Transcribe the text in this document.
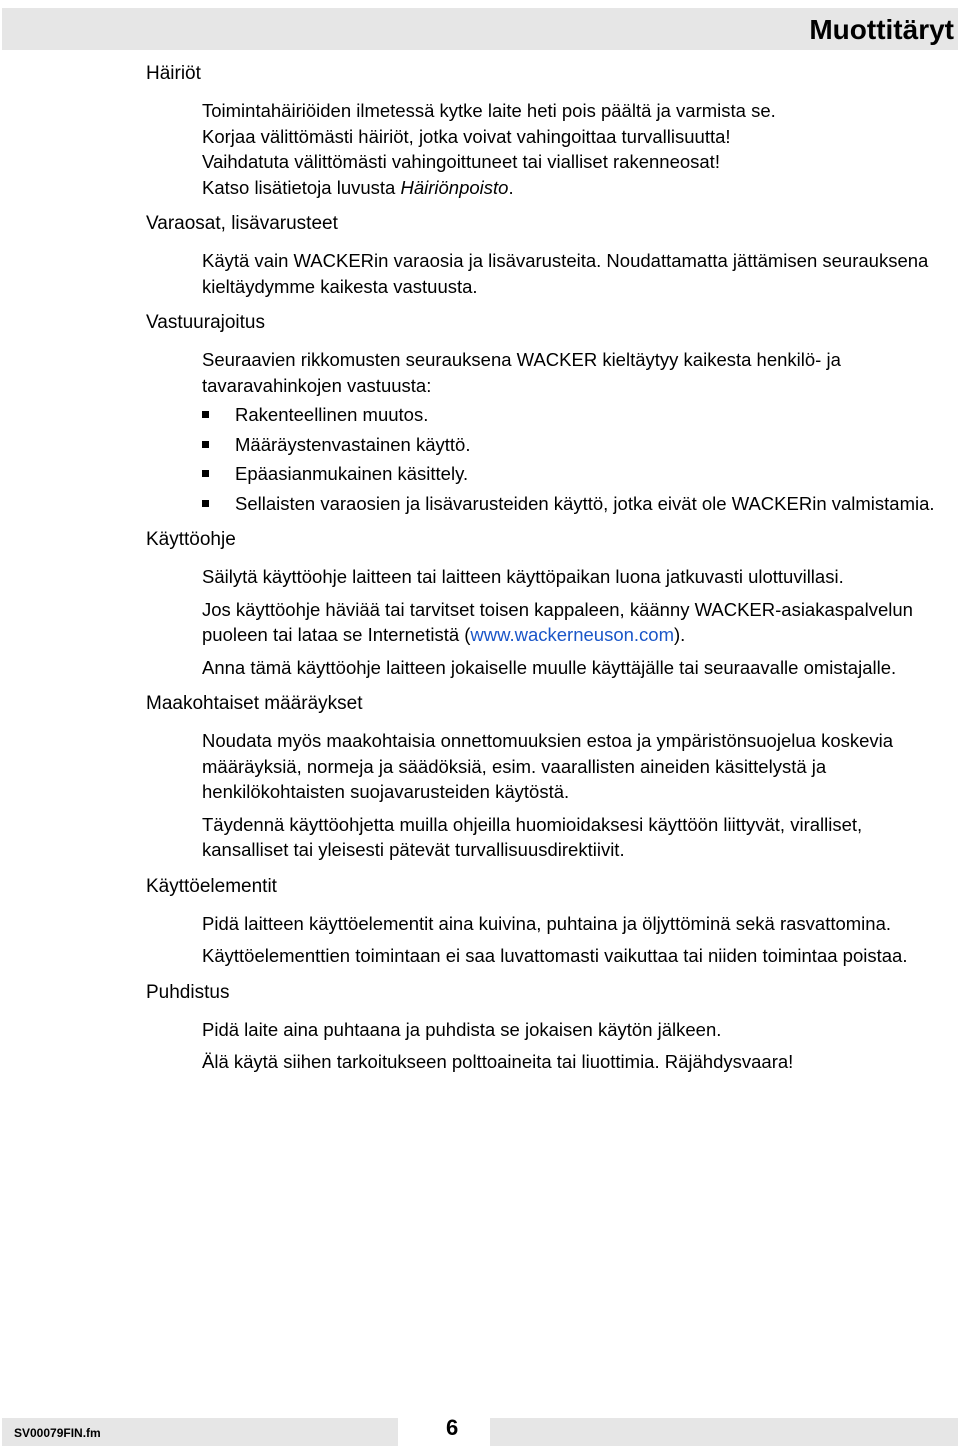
Muottitäryt
Häiriöt
Toimintahäiriöiden ilmetessä kytke laite heti pois päältä ja varmista se.
Korjaa välittömästi häiriöt, jotka voivat vahingoittaa turvallisuutta!
Vaihdatuta välittömästi vahingoittuneet tai vialliset rakenneosat!
Katso lisätietoja luvusta Häiriönpoisto.
Varaosat, lisävarusteet
Käytä vain WACKERin varaosia ja lisävarusteita. Noudattamatta jättämisen seurauksena kieltäydymme kaikesta vastuusta.
Vastuurajoitus
Seuraavien rikkomusten seurauksena WACKER kieltäytyy kaikesta henkilö- ja tavaravahinkojen vastuusta:
Rakenteellinen muutos.
Määräystenvastainen käyttö.
Epäasianmukainen käsittely.
Sellaisten varaosien ja lisävarusteiden käyttö, jotka eivät ole WACKERin valmistamia.
Käyttöohje
Säilytä käyttöohje laitteen tai laitteen käyttöpaikan luona jatkuvasti ulottuvillasi.
Jos käyttöohje häviää tai tarvitset toisen kappaleen, käänny WACKER-asiakaspalvelun puoleen tai lataa se Internetistä (www.wackerneuson.com).
Anna tämä käyttöohje laitteen jokaiselle muulle käyttäjälle tai seuraavalle omistajalle.
Maakohtaiset määräykset
Noudata myös maakohtaisia onnettomuuksien estoa ja ympäristönsuojelua koskevia määräyksiä, normeja ja säädöksiä, esim. vaarallisten aineiden käsittelystä ja henkilökohtaisten suojavarusteiden käytöstä.
Täydennä käyttöohjetta muilla ohjeilla huomioidaksesi käyttöön liittyvät, viralliset, kansalliset tai yleisesti pätevät turvallisuusdirektiivit.
Käyttöelementit
Pidä laitteen käyttöelementit aina kuivina, puhtaina ja öljyttöminä sekä rasvattomina.
Käyttöelementtien toimintaan ei saa luvattomasti vaikuttaa tai niiden toimintaa poistaa.
Puhdistus
Pidä laite aina puhtaana ja puhdista se jokaisen käytön jälkeen.
Älä käytä siihen tarkoitukseen polttoaineita tai liuottimia. Räjähdysvaara!
SV00079FIN.fm	6
